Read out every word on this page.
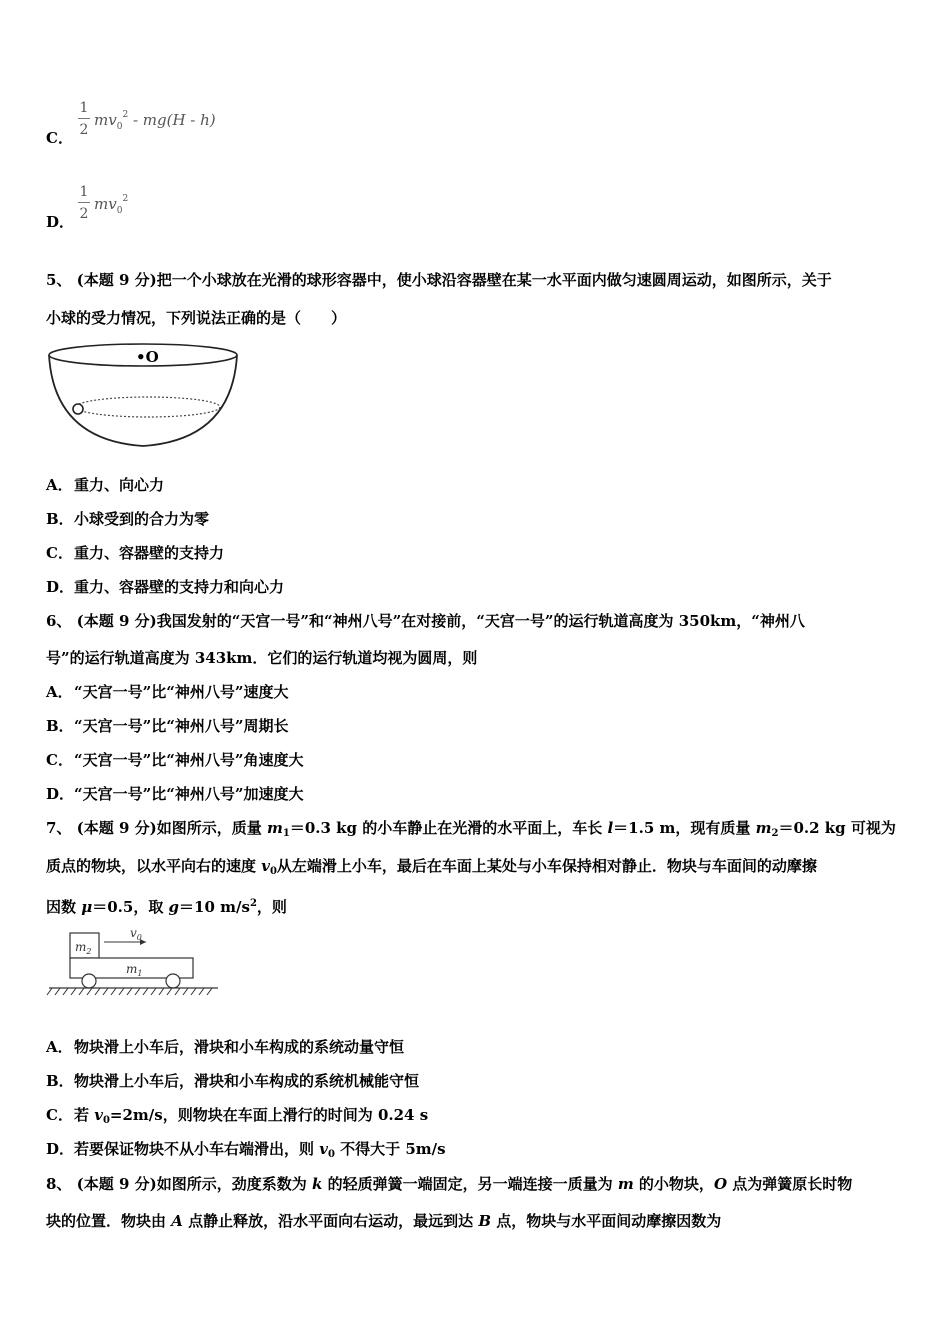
C．
1
2
$mv_0^2 - mg(H - h)$
D．
1
2
$mv_0^2$
5、 (本题 9 分)把一个小球放在光滑的球形容器中，使小球沿容器壁在某一水平面内做匀速圆周运动，如图所示，关于
小球的受力情况，下列说法正确的是（　　）
•O
A．重力、向心力
B．小球受到的合力为零
C．重力、容器壁的支持力
D．重力、容器壁的支持力和向心力
6、 (本题 9 分)我国发射的“天宫一号”和“神州八号”在对接前，“天宫一号”的运行轨道高度为 350km，“神州八
号”的运行轨道高度为 343km．它们的运行轨道均视为圆周，则
A．“天宫一号”比“神州八号”速度大
B．“天宫一号”比“神州八号”周期长
C．“天宫一号”比“神州八号”角速度大
D．“天宫一号”比“神州八号”加速度大
7、 (本题 9 分)如图所示，质量 $m_1=0.3$ kg 的小车静止在光滑的水平面上，车长 l＝1.5 m，现有质量 $m_2=0.2$ kg 可视为
质点的物块，以水平向右的速度 $v_0$从左端滑上小车，最后在车面上某处与小车保持相对静止．物块与车面间的动摩擦
因数 μ＝0.5，取 g＝10 $m/s^2$，则
$m_2$
$v_0$
$m_1$
A．物块滑上小车后，滑块和小车构成的系统动量守恒
B．物块滑上小车后，滑块和小车构成的系统机械能守恒
C．若 $v_0=2m/s$，则物块在车面上滑行的时间为 0.24 s
D．若要保证物块不从小车右端滑出，则 $v_0$ 不得大于 5m/s
8、 (本题 9 分)如图所示，劲度系数为 k 的轻质弹簧一端固定，另一端连接一质量为 m 的小物块，O 点为弹簧原长时物
块的位置．物块由 A 点静止释放，沿水平面向右运动，最远到达 B 点，物块与水平面间动摩擦因数为
